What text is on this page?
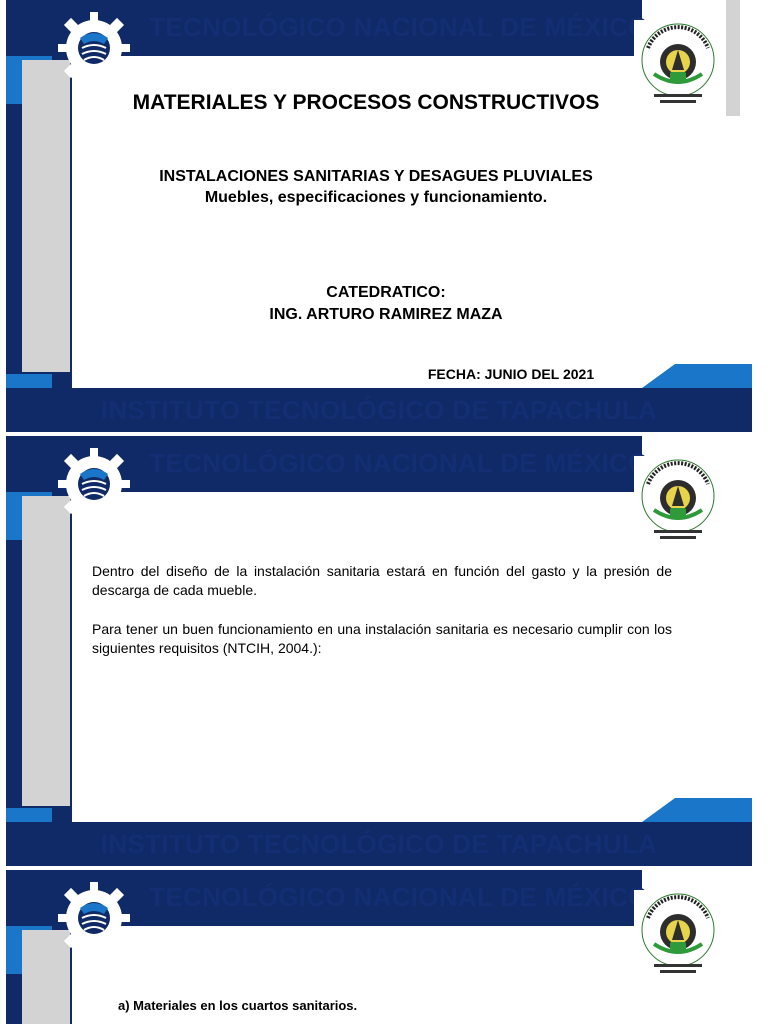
TECNOLÓGICO NACIONAL DE MÉXICO
INSTITUTO TECNOLÓGICO DE TAPACHULA
MATERIALES Y PROCESOS CONSTRUCTIVOS
INSTALACIONES SANITARIAS Y DESAGUES PLUVIALES
Muebles, especificaciones y funcionamiento.
CATEDRATICO:
ING. ARTURO RAMIREZ MAZA
FECHA: JUNIO DEL 2021
TECNOLÓGICO NACIONAL DE MÉXICO
INSTITUTO TECNOLÓGICO DE TAPACHULA
Dentro del diseño de la instalación sanitaria estará en función del gasto y la presión de descarga de cada mueble.
Para tener un buen funcionamiento en una instalación sanitaria es necesario cumplir con los siguientes requisitos (NTCIH, 2004.):
TECNOLÓGICO NACIONAL DE MÉXICO
a) Materiales en los cuartos sanitarios.
